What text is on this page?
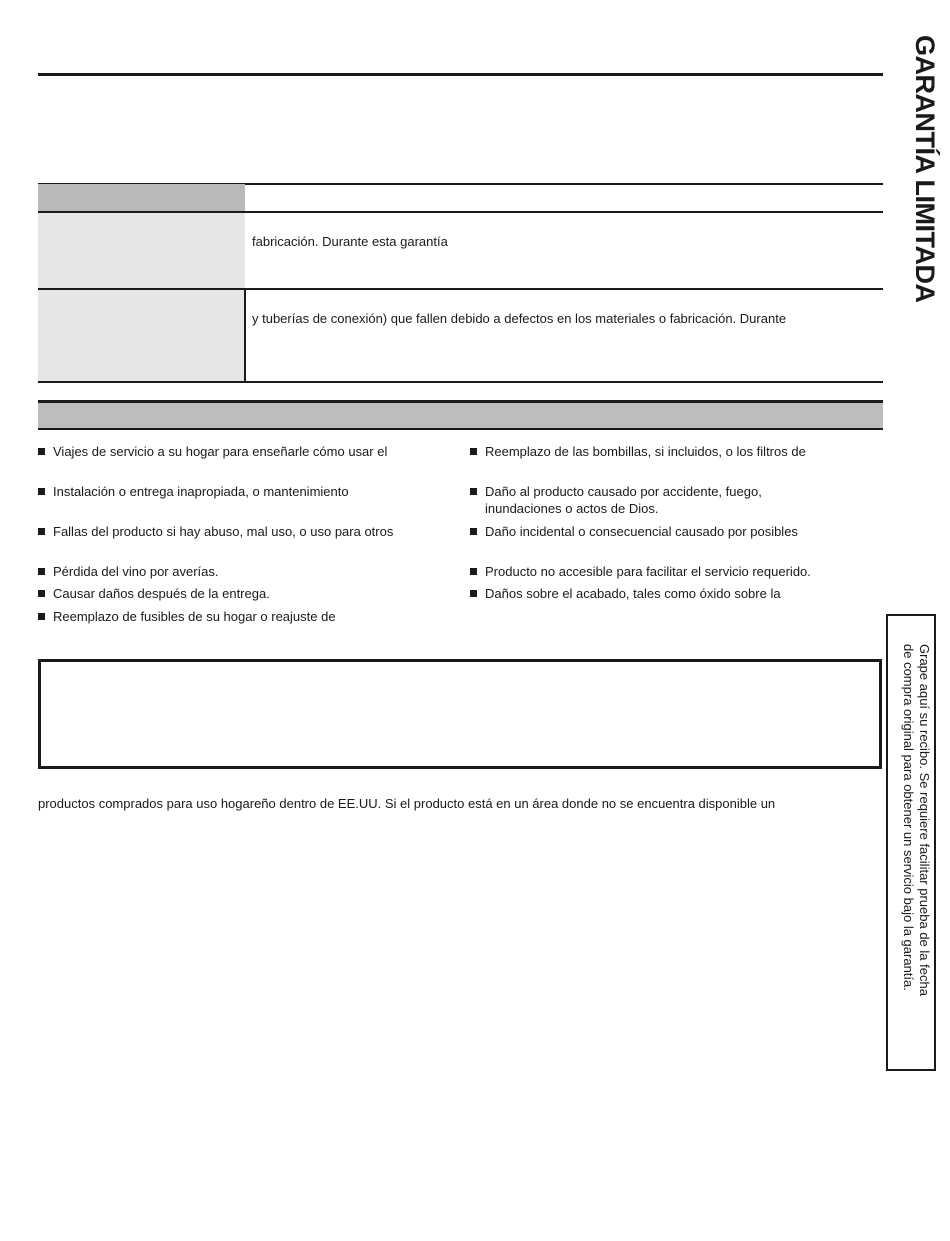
GARANTÍA LIMITADA
fabricación. Durante esta garantía
y tuberías de conexión) que fallen debido a defectos en los materiales o fabricación. Durante
Viajes de servicio a su hogar para enseñarle cómo usar el
Instalación o entrega inapropiada, o mantenimiento
Fallas del producto si hay abuso, mal uso, o uso para otros
Pérdida del vino por averías.
Causar daños después de la entrega.
Reemplazo de fusibles de su hogar o reajuste de
Reemplazo de las bombillas, si incluidos, o los filtros de
Daño al producto causado por accidente, fuego,
inundaciones o actos de Dios.
Daño incidental o consecuencial causado por posibles
Producto no accesible para facilitar el servicio requerido.
Daños sobre el acabado, tales como óxido sobre la
productos comprados para uso hogareño dentro de EE.UU. Si el producto está en un área donde no se encuentra disponible un	Grape aquí su recibo. Se requiere facilitar prueba de la fecha
de compra original para obtener un servicio bajo la garantía.
